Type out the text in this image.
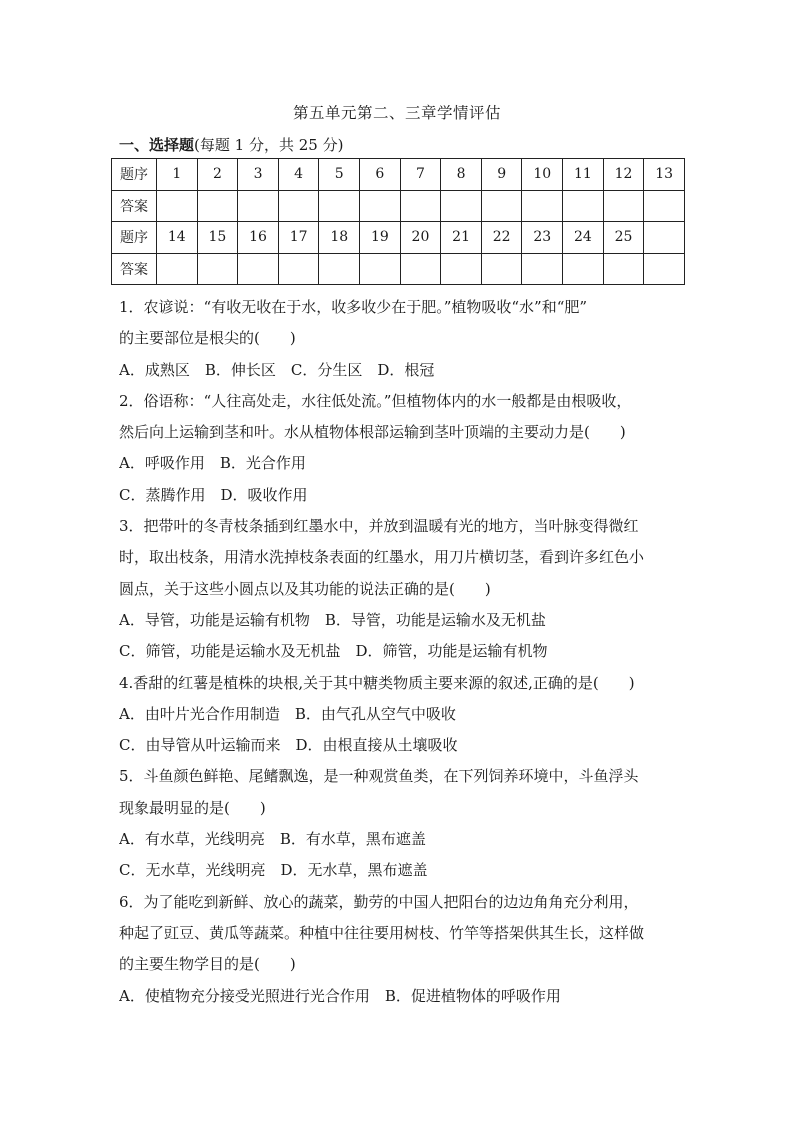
第五单元第二、三章学情评估
一、选择题(每题 1 分，共 25 分)
题序	1	2	3	4	5	6	7	8	9	10	11	12	13
答案													
题序	14	15	16	17	18	19	20	21	22	23	24	25	
答案													
1．农谚说：“有收无收在于水，收多收少在于肥。”植物吸收“水”和“肥”
的主要部位是根尖的(　　)
A．成熟区　B．伸长区　C．分生区　D．根冠
2．俗语称：“人往高处走，水往低处流。”但植物体内的水一般都是由根吸收，
然后向上运输到茎和叶。水从植物体根部运输到茎叶顶端的主要动力是(　　)
A．呼吸作用　B．光合作用
C．蒸腾作用　D．吸收作用
3．把带叶的冬青枝条插到红墨水中，并放到温暖有光的地方，当叶脉变得微红
时，取出枝条，用清水洗掉枝条表面的红墨水，用刀片横切茎，看到许多红色小
圆点，关于这些小圆点以及其功能的说法正确的是(　　)
A．导管，功能是运输有机物　B．导管，功能是运输水及无机盐
C．筛管，功能是运输水及无机盐　D．筛管，功能是运输有机物
4.香甜的红薯是植株的块根,关于其中糖类物质主要来源的叙述,正确的是(　　)
A．由叶片光合作用制造　B．由气孔从空气中吸收
C．由导管从叶运输而来　D．由根直接从土壤吸收
5．斗鱼颜色鲜艳、尾鳍飘逸，是一种观赏鱼类，在下列饲养环境中，斗鱼浮头
现象最明显的是(　　)
A．有水草，光线明亮　B．有水草，黑布遮盖
C．无水草，光线明亮　D．无水草，黑布遮盖
6．为了能吃到新鲜、放心的蔬菜，勤劳的中国人把阳台的边边角角充分利用，
种起了豇豆、黄瓜等蔬菜。种植中往往要用树枝、竹竿等搭架供其生长，这样做
的主要生物学目的是(　　)
A．使植物充分接受光照进行光合作用　B．促进植物体的呼吸作用
